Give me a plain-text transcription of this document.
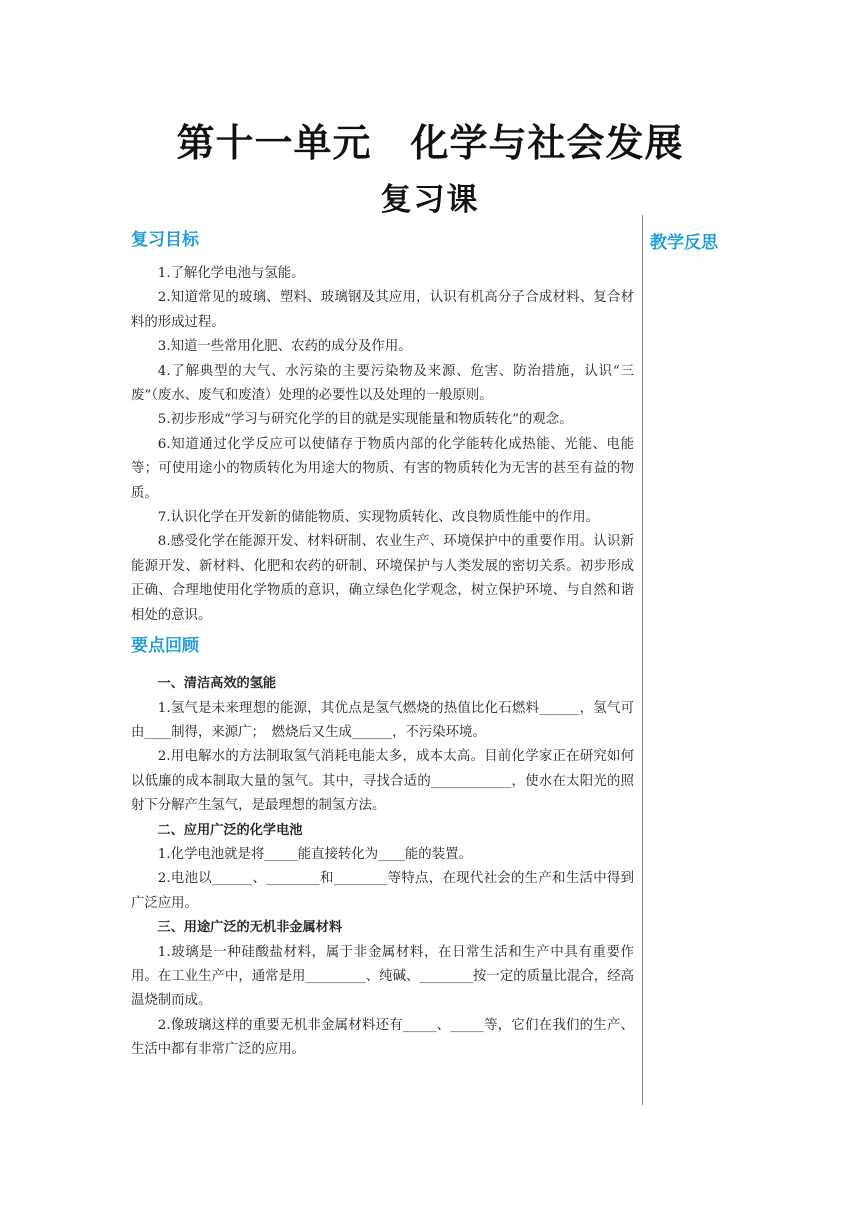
第十一单元　化学与社会发展
复习课
教学反思
复习目标

1.了解化学电池与氢能。

2.知道常见的玻璃、塑料、玻璃钢及其应用，认识有机高分子合成材料、复合材料的形成过程。

3.知道一些常用化肥、农药的成分及作用。

4.了解典型的大气、水污染的主要污染物及来源、危害、防治措施，认识“三废”（废水、废气和废渣）处理的必要性以及处理的一般原则。

5.初步形成“学习与研究化学的目的就是实现能量和物质转化”的观念。

6.知道通过化学反应可以使储存于物质内部的化学能转化成热能、光能、电能等；可使用途小的物质转化为用途大的物质、有害的物质转化为无害的甚至有益的物质。

7.认识化学在开发新的储能物质、实现物质转化、改良物质性能中的作用。

8.感受化学在能源开发、材料研制、农业生产、环境保护中的重要作用。认识新能源开发、新材料、化肥和农药的研制、环境保护与人类发展的密切关系。初步形成正确、合理地使用化学物质的意识，确立绿色化学观念，树立保护环境、与自然和谐相处的意识。

要点回顾

一、清洁高效的氢能

1.氢气是未来理想的能源，其优点是氢气燃烧的热值比化石燃料______，氢气可由____制得，来源广；　燃烧后又生成______，不污染环境。

2.用电解水的方法制取氢气消耗电能太多，成本太高。目前化学家正在研究如何以低廉的成本制取大量的氢气。其中，寻找合适的____________，使水在太阳光的照射下分解产生氢气，是最理想的制氢方法。

二、应用广泛的化学电池

1.化学电池就是将_____能直接转化为____能的装置。

2.电池以______、________和________等特点，在现代社会的生产和生活中得到广泛应用。

三、用途广泛的无机非金属材料

1.玻璃是一种硅酸盐材料，属于非金属材料，在日常生活和生产中具有重要作用。在工业生产中，通常是用_________、纯碱、________按一定的质量比混合，经高温烧制而成。

2.像玻璃这样的重要无机非金属材料还有_____、_____等，它们在我们的生产、生活中都有非常广泛的应用。
